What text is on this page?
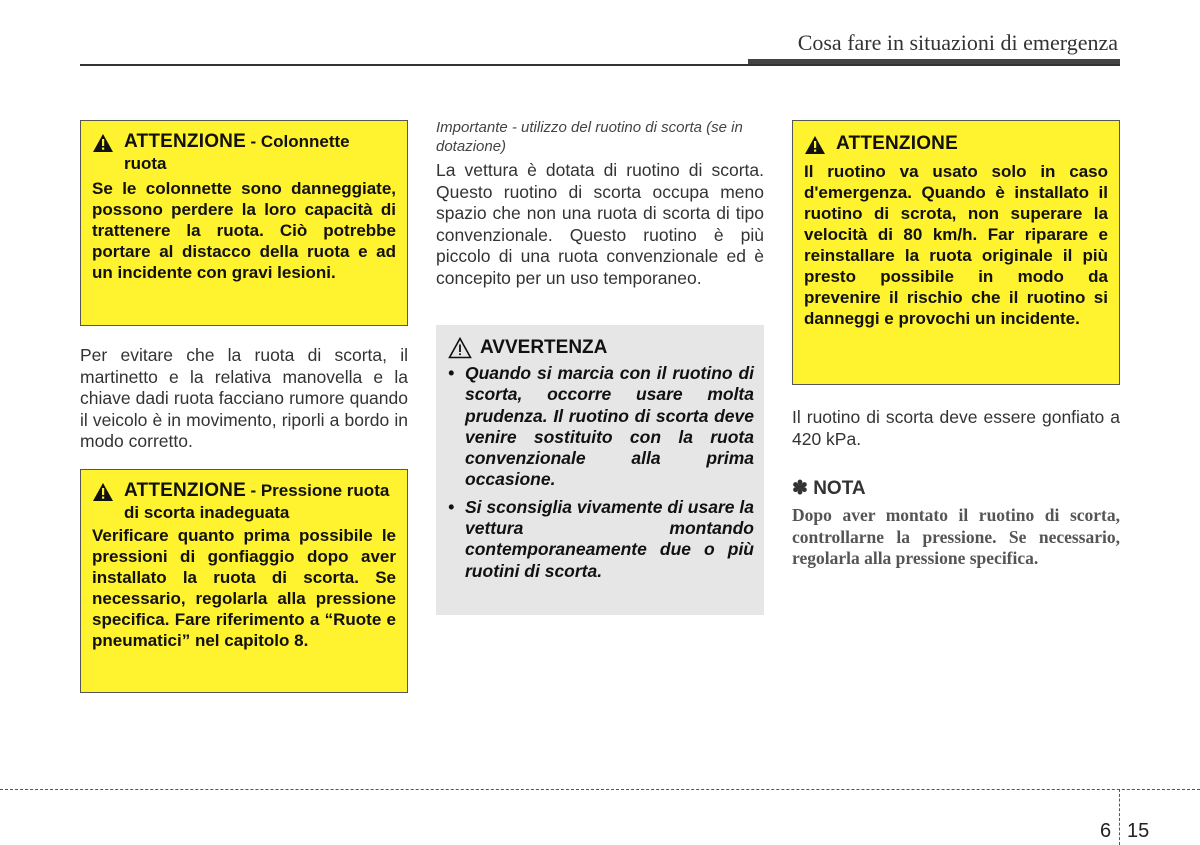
Cosa fare in situazioni di emergenza
ATTENZIONE - Colonnette ruota
Se le colonnette sono danneggiate, possono perdere la loro capacità di trattenere la ruota. Ciò potrebbe portare al distacco della ruota e ad un incidente con gravi lesioni.
Per evitare che la ruota di scorta, il martinetto e la relativa manovella e la chiave dadi ruota facciano rumore quando il veicolo è in movimento, riporli a bordo in modo corretto.
ATTENZIONE - Pressione ruota di scorta inadeguata
Verificare quanto prima possibile le pressioni di gonfiaggio dopo aver installato la ruota di scorta. Se necessario, regolarla alla pressione specifica. Fare riferimento a “Ruote e pneumatici” nel capitolo 8.
Importante - utilizzo del ruotino di scorta (se in dotazione)
La vettura è dotata di ruotino di scorta. Questo ruotino di scorta occupa meno spazio che non una ruota di scorta di tipo convenzionale. Questo ruotino è più piccolo di una ruota convenzionale ed è concepito per un uso temporaneo.
AVVERTENZA
• Quando si marcia con il ruotino di scorta, occorre usare molta prudenza. Il ruotino di scorta deve venire sostituito con la ruota convenzionale alla prima occasione.
• Si sconsiglia vivamente di usare la vettura montando contemporaneamente due o più ruotini di scorta.
ATTENZIONE
Il ruotino va usato solo in caso d'emergenza. Quando è installato il ruotino di scrota, non superare la velocità di 80 km/h. Far riparare e reinstallare la ruota originale il più presto possibile in modo da prevenire il rischio che il ruotino si danneggi e provochi un incidente.
Il ruotino di scorta deve essere gonfiato a 420 kPa.
✽ NOTA
Dopo aver montato il ruotino di scorta, controllarne la pressione. Se necessario, regolarla alla pressione specifica.
6 15
